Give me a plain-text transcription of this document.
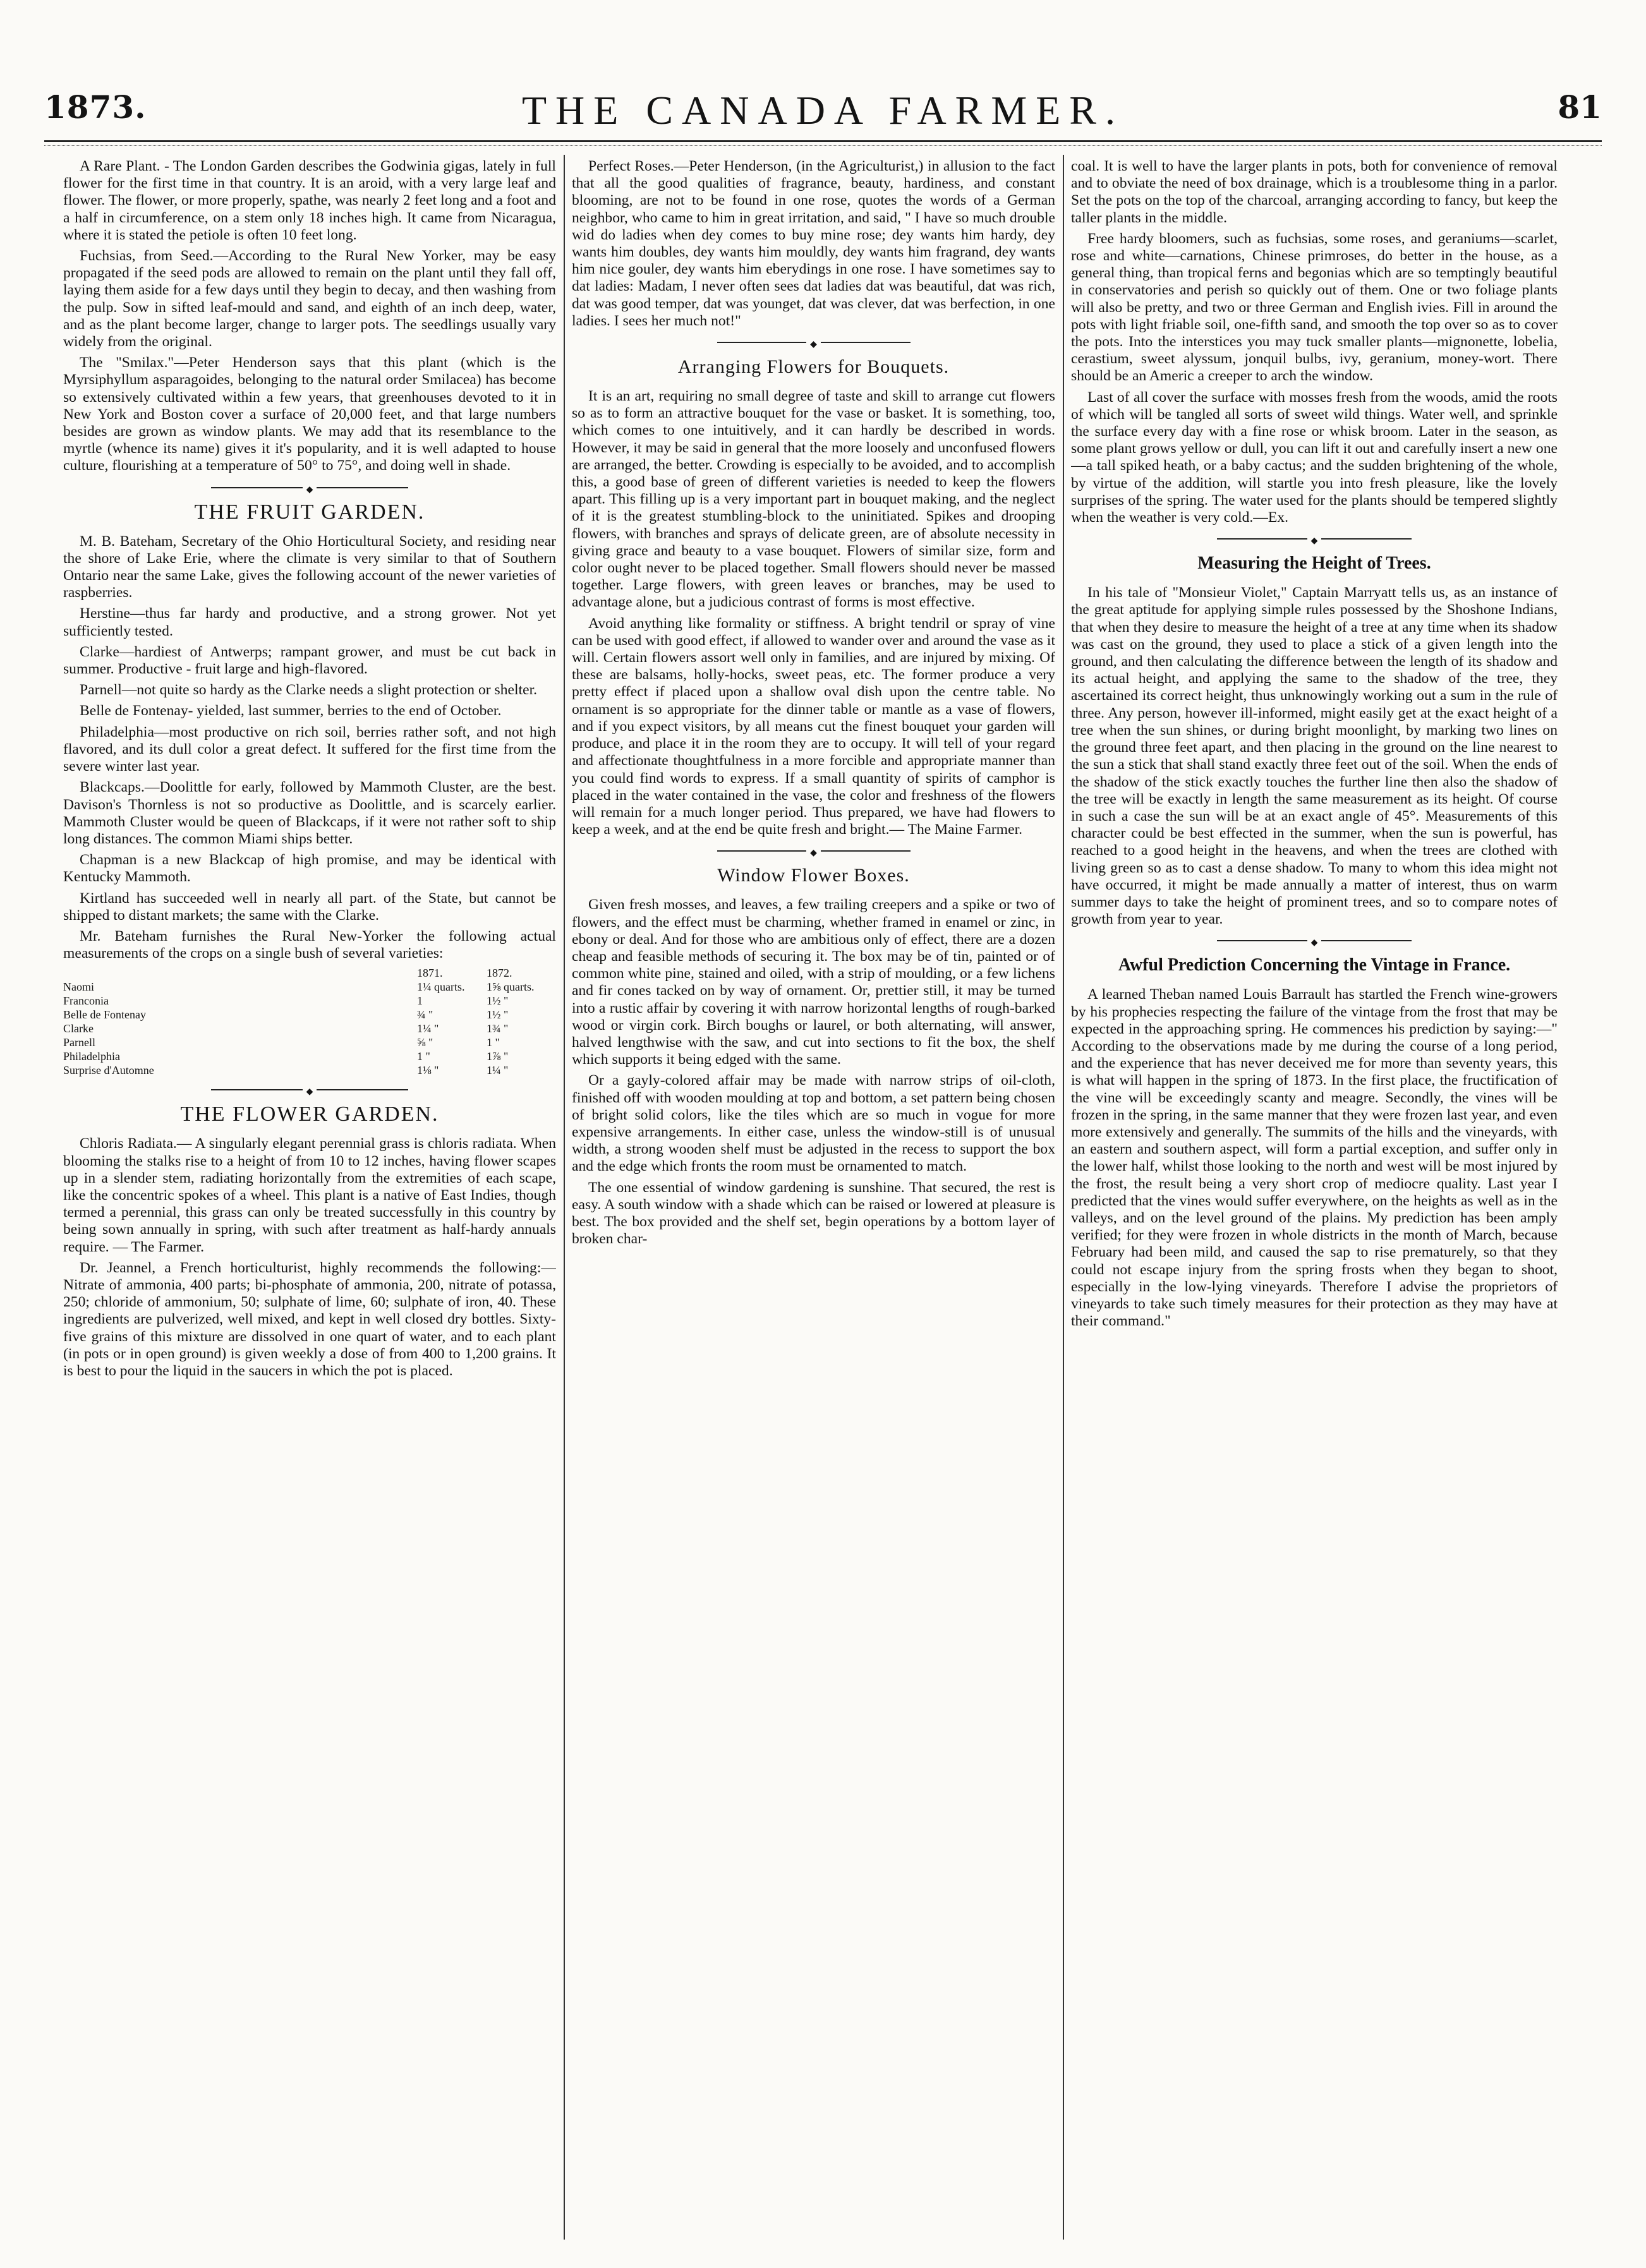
1873.	THE CANADA FARMER.	81

A Rare Plant. - The London Garden describes the Godwinia gigas, lately in full flower for the first time in that country. It is an aroid, with a very large leaf and flower. The flower, or more properly, spathe, was nearly 2 feet long and a foot and a half in circumference, on a stem only 18 inches high. It came from Nicaragua, where it is stated the petiole is often 10 feet long.

Fuchsias, from Seed.—According to the Rural New Yorker, may be easy propagated if the seed pods are allowed to remain on the plant until they fall off, laying them aside for a few days until they begin to decay, and then washing from the pulp. Sow in sifted leaf-mould and sand, and eighth of an inch deep, water, and as the plant become larger, change to larger pots. The seedlings usually vary widely from the original.

The "Smilax."—Peter Henderson says that this plant (which is the Myrsiphyllum asparagoides, belonging to the natural order Smilacea) has become so extensively cultivated within a few years, that greenhouses devoted to it in New York and Boston cover a surface of 20,000 feet, and that large numbers besides are grown as window plants. We may add that its resemblance to the myrtle (whence its name) gives it it's popularity, and it is well adapted to house culture, flourishing at a temperature of 50° to 75°, and doing well in shade.

◆
THE FRUIT GARDEN.

M. B. Bateham, Secretary of the Ohio Horticultural Society, and residing near the shore of Lake Erie, where the climate is very similar to that of Southern Ontario near the same Lake, gives the following account of the newer varieties of raspberries.

Herstine—thus far hardy and productive, and a strong grower. Not yet sufficiently tested.

Clarke—hardiest of Antwerps; rampant grower, and must be cut back in summer. Productive - fruit large and high-flavored.

Parnell—not quite so hardy as the Clarke needs a slight protection or shelter.

Belle de Fontenay- yielded, last summer, berries to the end of October.

Philadelphia—most productive on rich soil, berries rather soft, and not high flavored, and its dull color a great defect. It suffered for the first time from the severe winter last year.

Blackcaps.—Doolittle for early, followed by Mammoth Cluster, are the best. Davison's Thornless is not so productive as Doolittle, and is scarcely earlier. Mammoth Cluster would be queen of Blackcaps, if it were not rather soft to ship long distances. The common Miami ships better.

Chapman is a new Blackcap of high promise, and may be identical with Kentucky Mammoth.

Kirtland has succeeded well in nearly all part. of the State, but cannot be shipped to distant markets; the same with the Clarke.

Mr. Bateham furnishes the Rural New-Yorker the following actual measurements of the crops on a single bush of several varieties:

	1871.	1872.
Naomi	1¼ quarts.	1⅝ quarts.
Franconia	1	1½ "
Belle de Fontenay	¾ "	1½ "
Clarke	1¼ "	1¾ "
Parnell	⅝ "	1 "
Philadelphia	1 "	1⅞ "
Surprise d'Automne	1⅛ "	1¼ "
◆
THE FLOWER GARDEN.

Chloris Radiata.— A singularly elegant perennial grass is chloris radiata. When blooming the stalks rise to a height of from 10 to 12 inches, having flower scapes up in a slender stem, radiating horizontally from the extremities of each scape, like the concentric spokes of a wheel. This plant is a native of East Indies, though termed a perennial, this grass can only be treated successfully in this country by being sown annually in spring, with such after treatment as half-hardy annuals require. — The Farmer.

Dr. Jeannel, a French horticulturist, highly recommends the following:—Nitrate of ammonia, 400 parts; bi-phosphate of ammonia, 200, nitrate of potassa, 250; chloride of ammonium, 50; sulphate of lime, 60; sulphate of iron, 40. These ingredients are pulverized, well mixed, and kept in well closed dry bottles. Sixty-five grains of this mixture are dissolved in one quart of water, and to each plant (in pots or in open ground) is given weekly a dose of from 400 to 1,200 grains. It is best to pour the liquid in the saucers in which the pot is placed.

Perfect Roses.—Peter Henderson, (in the Agriculturist,) in allusion to the fact that all the good qualities of fragrance, beauty, hardiness, and constant blooming, are not to be found in one rose, quotes the words of a German neighbor, who came to him in great irritation, and said, " I have so much drouble wid do ladies when dey comes to buy mine rose; dey wants him hardy, dey wants him doubles, dey wants him mouldly, dey wants him fragrand, dey wants him nice gouler, dey wants him eberydings in one rose. I have sometimes say to dat ladies: Madam, I never often sees dat ladies dat was beautiful, dat was rich, dat was good temper, dat was younget, dat was clever, dat was berfection, in one ladies. I sees her much not!"

◆
Arranging Flowers for Bouquets.

It is an art, requiring no small degree of taste and skill to arrange cut flowers so as to form an attractive bouquet for the vase or basket. It is something, too, which comes to one intuitively, and it can hardly be described in words. However, it may be said in general that the more loosely and unconfused flowers are arranged, the better. Crowding is especially to be avoided, and to accomplish this, a good base of green of different varieties is needed to keep the flowers apart. This filling up is a very important part in bouquet making, and the neglect of it is the greatest stumbling-block to the uninitiated. Spikes and drooping flowers, with branches and sprays of delicate green, are of absolute necessity in giving grace and beauty to a vase bouquet. Flowers of similar size, form and color ought never to be placed together. Small flowers should never be massed together. Large flowers, with green leaves or branches, may be used to advantage alone, but a judicious contrast of forms is most effective.

Avoid anything like formality or stiffness. A bright tendril or spray of vine can be used with good effect, if allowed to wander over and around the vase as it will. Certain flowers assort well only in families, and are injured by mixing. Of these are balsams, holly-hocks, sweet peas, etc. The former produce a very pretty effect if placed upon a shallow oval dish upon the centre table. No ornament is so appropriate for the dinner table or mantle as a vase of flowers, and if you expect visitors, by all means cut the finest bouquet your garden will produce, and place it in the room they are to occupy. It will tell of your regard and affectionate thoughtfulness in a more forcible and appropriate manner than you could find words to express. If a small quantity of spirits of camphor is placed in the water contained in the vase, the color and freshness of the flowers will remain for a much longer period. Thus prepared, we have had flowers to keep a week, and at the end be quite fresh and bright.— The Maine Farmer.

◆
Window Flower Boxes.

Given fresh mosses, and leaves, a few trailing creepers and a spike or two of flowers, and the effect must be charming, whether framed in enamel or zinc, in ebony or deal. And for those who are ambitious only of effect, there are a dozen cheap and feasible methods of securing it. The box may be of tin, painted or of common white pine, stained and oiled, with a strip of moulding, or a few lichens and fir cones tacked on by way of ornament. Or, prettier still, it may be turned into a rustic affair by covering it with narrow horizontal lengths of rough-barked wood or virgin cork. Birch boughs or laurel, or both alternating, will answer, halved lengthwise with the saw, and cut into sections to fit the box, the shelf which supports it being edged with the same.

Or a gayly-colored affair may be made with narrow strips of oil-cloth, finished off with wooden moulding at top and bottom, a set pattern being chosen of bright solid colors, like the tiles which are so much in vogue for more expensive arrangements. In either case, unless the window-still is of unusual width, a strong wooden shelf must be adjusted in the recess to support the box and the edge which fronts the room must be ornamented to match.

The one essential of window gardening is sunshine. That secured, the rest is easy. A south window with a shade which can be raised or lowered at pleasure is best. The box provided and the shelf set, begin operations by a bottom layer of broken char-

coal. It is well to have the larger plants in pots, both for convenience of removal and to obviate the need of box drainage, which is a troublesome thing in a parlor. Set the pots on the top of the charcoal, arranging according to fancy, but keep the taller plants in the middle.

Free hardy bloomers, such as fuchsias, some roses, and geraniums—scarlet, rose and white—carnations, Chinese primroses, do better in the house, as a general thing, than tropical ferns and begonias which are so temptingly beautiful in conservatories and perish so quickly out of them. One or two foliage plants will also be pretty, and two or three German and English ivies. Fill in around the pots with light friable soil, one-fifth sand, and smooth the top over so as to cover the pots. Into the interstices you may tuck smaller plants—mignonette, lobelia, cerastium, sweet alyssum, jonquil bulbs, ivy, geranium, money-wort. There should be an Americ a creeper to arch the window.

Last of all cover the surface with mosses fresh from the woods, amid the roots of which will be tangled all sorts of sweet wild things. Water well, and sprinkle the surface every day with a fine rose or whisk broom. Later in the season, as some plant grows yellow or dull, you can lift it out and carefully insert a new one—a tall spiked heath, or a baby cactus; and the sudden brightening of the whole, by virtue of the addition, will startle you into fresh pleasure, like the lovely surprises of the spring. The water used for the plants should be tempered slightly when the weather is very cold.—Ex.

◆
Measuring the Height of Trees.

In his tale of "Monsieur Violet," Captain Marryatt tells us, as an instance of the great aptitude for applying simple rules possessed by the Shoshone Indians, that when they desire to measure the height of a tree at any time when its shadow was cast on the ground, they used to place a stick of a given length into the ground, and then calculating the difference between the length of its shadow and its actual height, and applying the same to the shadow of the tree, they ascertained its correct height, thus unknowingly working out a sum in the rule of three. Any person, however ill-informed, might easily get at the exact height of a tree when the sun shines, or during bright moonlight, by marking two lines on the ground three feet apart, and then placing in the ground on the line nearest to the sun a stick that shall stand exactly three feet out of the soil. When the ends of the shadow of the stick exactly touches the further line then also the shadow of the tree will be exactly in length the same measurement as its height. Of course in such a case the sun will be at an exact angle of 45°. Measurements of this character could be best effected in the summer, when the sun is powerful, has reached to a good height in the heavens, and when the trees are clothed with living green so as to cast a dense shadow. To many to whom this idea might not have occurred, it might be made annually a matter of interest, thus on warm summer days to take the height of prominent trees, and so to compare notes of growth from year to year.

◆
Awful Prediction Concerning the Vintage in France.

A learned Theban named Louis Barrault has startled the French wine-growers by his prophecies respecting the failure of the vintage from the frost that may be expected in the approaching spring. He commences his prediction by saying:—" According to the observations made by me during the course of a long period, and the experience that has never deceived me for more than seventy years, this is what will happen in the spring of 1873. In the first place, the fructification of the vine will be exceedingly scanty and meagre. Secondly, the vines will be frozen in the spring, in the same manner that they were frozen last year, and even more extensively and generally. The summits of the hills and the vineyards, with an eastern and southern aspect, will form a partial exception, and suffer only in the lower half, whilst those looking to the north and west will be most injured by the frost, the result being a very short crop of mediocre quality. Last year I predicted that the vines would suffer everywhere, on the heights as well as in the valleys, and on the level ground of the plains. My prediction has been amply verified; for they were frozen in whole districts in the month of March, because February had been mild, and caused the sap to rise prematurely, so that they could not escape injury from the spring frosts when they began to shoot, especially in the low-lying vineyards. Therefore I advise the proprietors of vineyards to take such timely measures for their protection as they may have at their command."
